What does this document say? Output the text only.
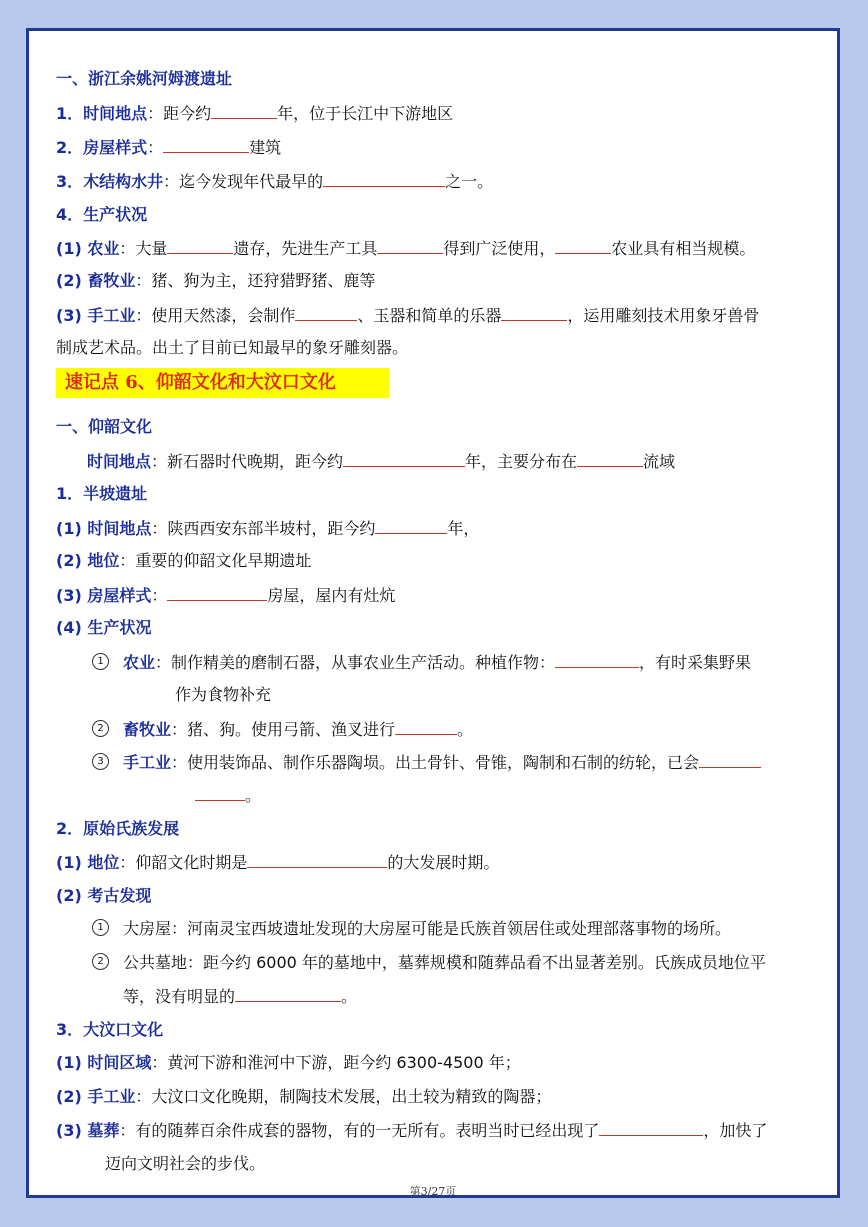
一、浙江余姚河姆渡遗址
1．时间地点：距今约	年，位于长江中下游地区
2．房屋样式：	建筑
3．木结构水井：迄今发现年代最早的	之一。
4．生产状况
(1) 农业：大量	遗存，先进生产工具	得到广泛使用，	农业具有相当规模。
(2) 畜牧业：猪、狗为主，还狩猎野猪、鹿等
(3) 手工业：使用天然漆，会制作	、玉器和简单的乐器	，运用雕刻技术用象牙兽骨
制成艺术品。出土了目前已知最早的象牙雕刻器。
速记点 6、仰韶文化和大汶口文化
一、仰韶文化
时间地点：新石器时代晚期，距今约	年，主要分布在	流域
1．半坡遗址
(1) 时间地点：陕西西安东部半坡村，距今约	年，
(2) 地位：重要的仰韶文化早期遗址
(3) 房屋样式：	房屋，屋内有灶炕
(4) 生产状况
1 农业：制作精美的磨制石器，从事农业生产活动。种植作物：	，有时采集野果
作为食物补充
2 畜牧业：猪、狗。使用弓箭、渔叉进行	。
3 手工业：使用装饰品、制作乐器陶埙。出土骨针、骨锥，陶制和石制的纺轮，已会
。
2．原始氏族发展
(1) 地位：仰韶文化时期是	的大发展时期。
(2) 考古发现
1 大房屋：河南灵宝西坡遗址发现的大房屋可能是氏族首领居住或处理部落事物的场所。
2 公共墓地：距今约 6000 年的墓地中，墓葬规模和随葬品看不出显著差别。氏族成员地位平
等，没有明显的	。
3．大汶口文化
(1) 时间区域：黄河下游和淮河中下游，距今约 6300-4500 年；
(2) 手工业：大汶口文化晚期，制陶技术发展，出土较为精致的陶器；
(3) 墓葬：有的随葬百余件成套的器物，有的一无所有。表明当时已经出现了	，加快了
迈向文明社会的步伐。
第3/27页
